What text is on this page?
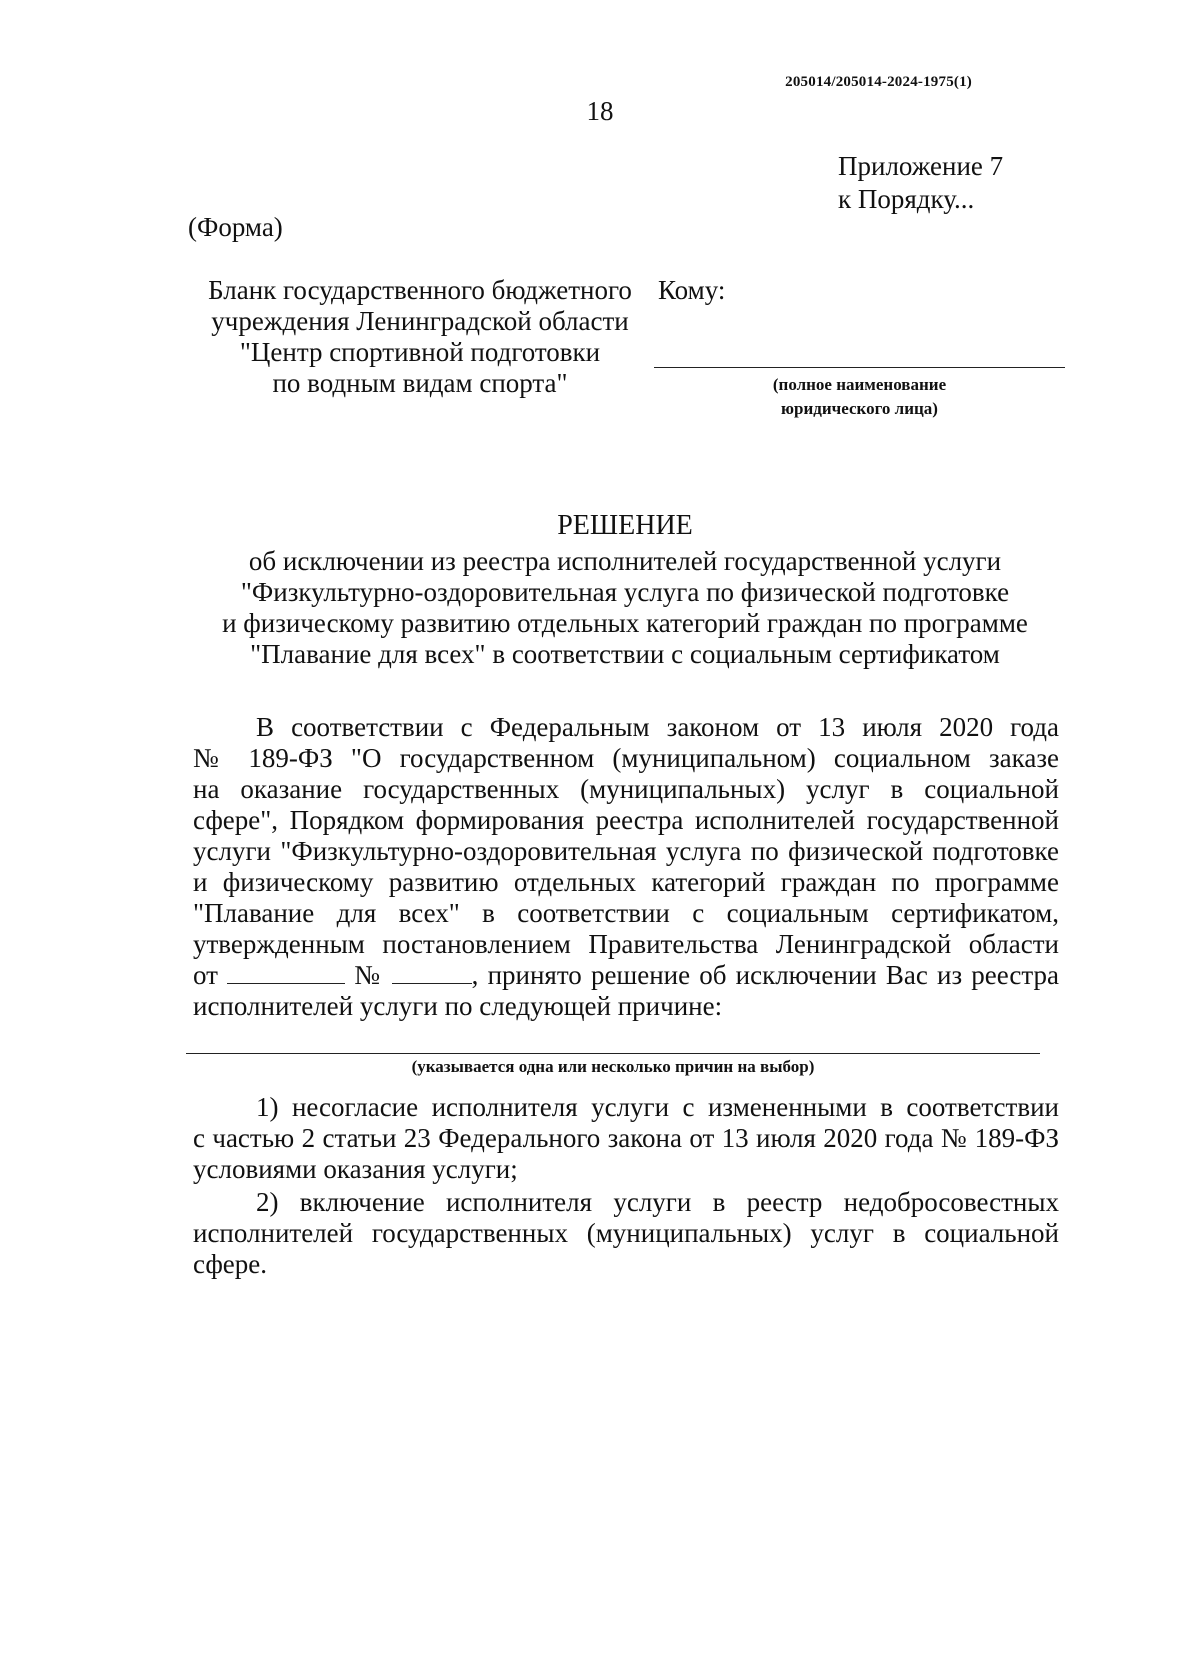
205014/205014-2024-1975(1)
18
Приложение 7
к Порядку...
(Форма)
Бланк государственного бюджетного
учреждения Ленинградской области
"Центр спортивной подготовки
по водным видам спорта"
Кому:
(полное наименование
юридического лица)
РЕШЕНИЕ
об исключении из реестра исполнителей государственной услуги
"Физкультурно-оздоровительная услуга по физической подготовке
и физическому развитию отдельных категорий граждан по программе
"Плавание для всех" в соответствии с социальным сертификатом
В соответствии с Федеральным законом от 13 июля 2020 года
№ 189-ФЗ "О государственном (муниципальном) социальном заказе
на оказание государственных (муниципальных) услуг в социальной
сфере", Порядком формирования реестра исполнителей государственной
услуги "Физкультурно-оздоровительная услуга по физической подготовке
и физическому развитию отдельных категорий граждан по программе
"Плавание для всех" в соответствии с социальным сертификатом,
утвержденным постановлением Правительства Ленинградской области
от	№	, принято решение об исключении Вас из реестра
исполнителей услуги по следующей причине:
(указывается одна или несколько причин на выбор)
1) несогласие исполнителя услуги с измененными в соответствии
с частью 2 статьи 23 Федерального закона от 13 июля 2020 года № 189-ФЗ
условиями оказания услуги;
2) включение исполнителя услуги в реестр недобросовестных
исполнителей государственных (муниципальных) услуг в социальной
сфере.
